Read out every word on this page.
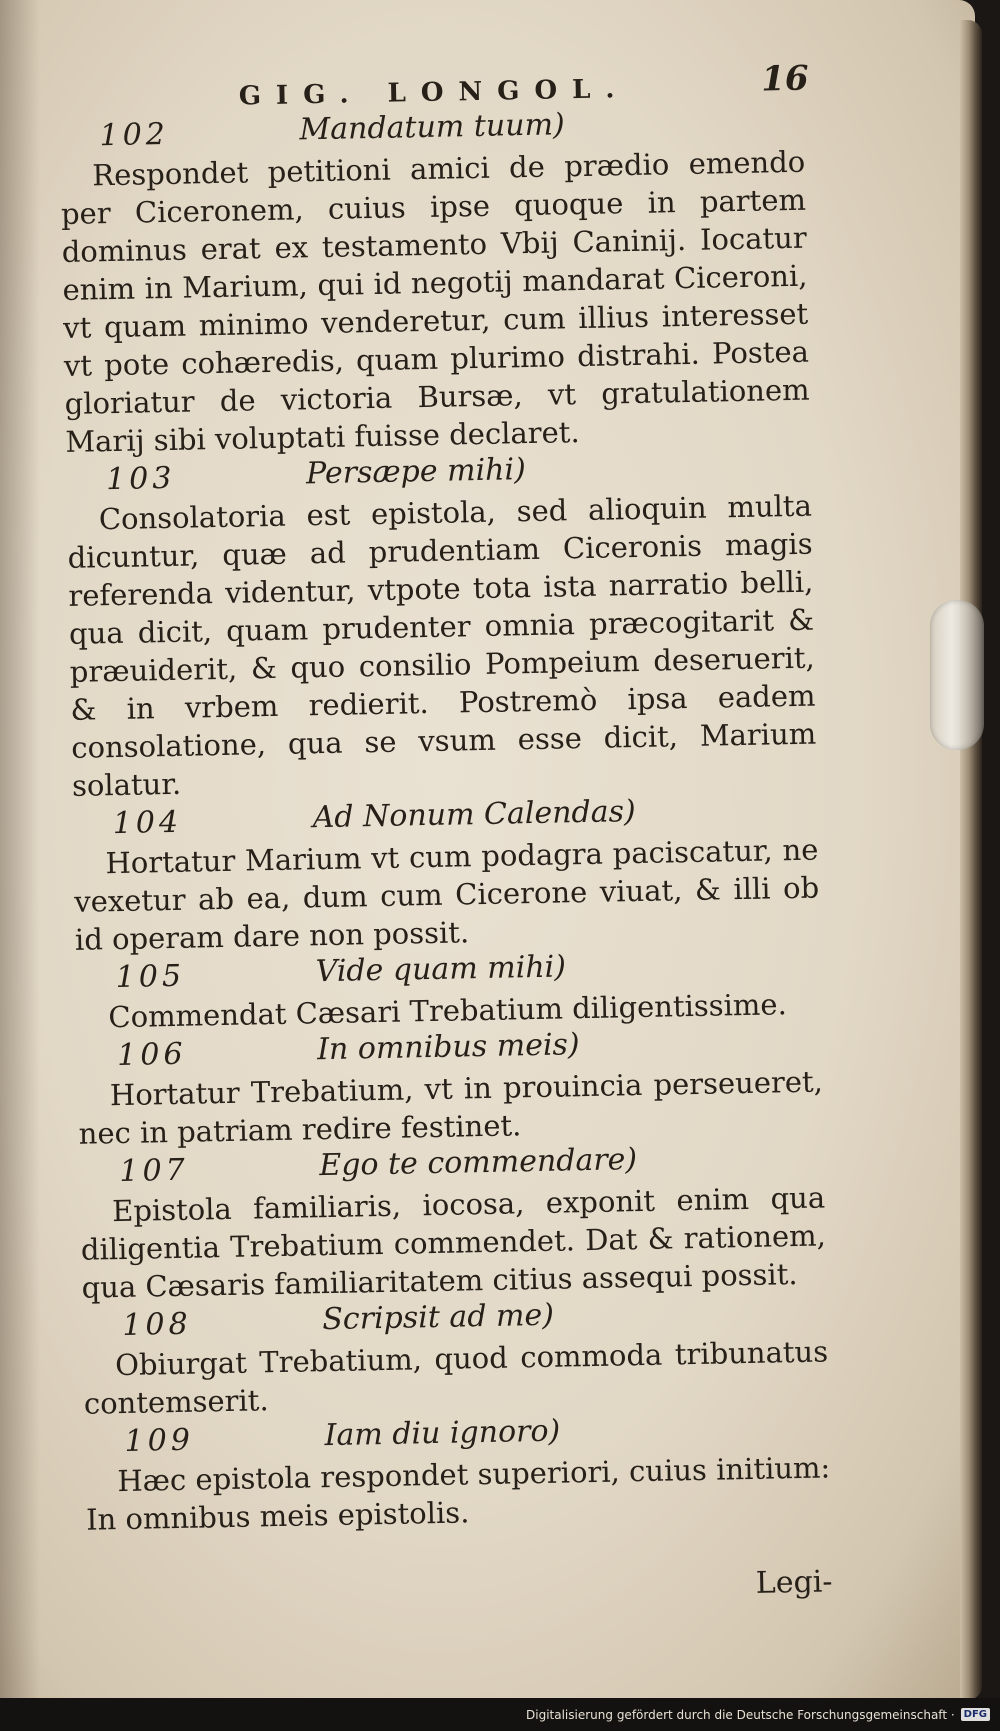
GIG. LONGOL.	16
102	Mandatum tuum)

Respondet petitioni amici de prædio emendo per Ciceronem, cuius ipse quoque in partem dominus erat ex testamento Vbij Caninij. Iocatur enim in Marium, qui id negotij mandarat Ciceroni, vt quam minimo venderetur, cum illius interesset vt pote cohæredis, quam plurimo distrahi. Postea gloriatur de victoria Bursæ, vt gratulationem Marij sibi voluptati fuisse declaret.

103	Persæpe mihi)

Consolatoria est epistola, sed alioquin multa dicuntur, quæ ad prudentiam Ciceronis magis referenda videntur, vtpote tota ista narratio belli, qua dicit, quam prudenter omnia præcogitarit & præuiderit, & quo consilio Pompeium deseruerit, & in vrbem redierit. Postremò ipsa eadem consolatione, qua se vsum esse dicit, Marium solatur.

104	Ad Nonum Calendas)

Hortatur Marium vt cum podagra paciscatur, ne vexetur ab ea, dum cum Cicerone viuat, & illi ob id operam dare non possit.

105	Vide quam mihi)

Commendat Cæsari Trebatium diligentissime.

106	In omnibus meis)

Hortatur Trebatium, vt in prouincia perseueret, nec in patriam redire festinet.

107	Ego te commendare)

Epistola familiaris, iocosa, exponit enim qua diligentia Trebatium commendet. Dat & rationem, qua Cæsaris familiaritatem citius assequi possit.

108	Scripsit ad me)

Obiurgat Trebatium, quod commoda tribunatus contemserit.

109	Iam diu ignoro)

Hæc epistola respondet superiori, cuius initium: In omnibus meis epistolis.

Legi-
Digitalisierung gefördert durch die Deutsche Forschungsgemeinschaft · DFG
